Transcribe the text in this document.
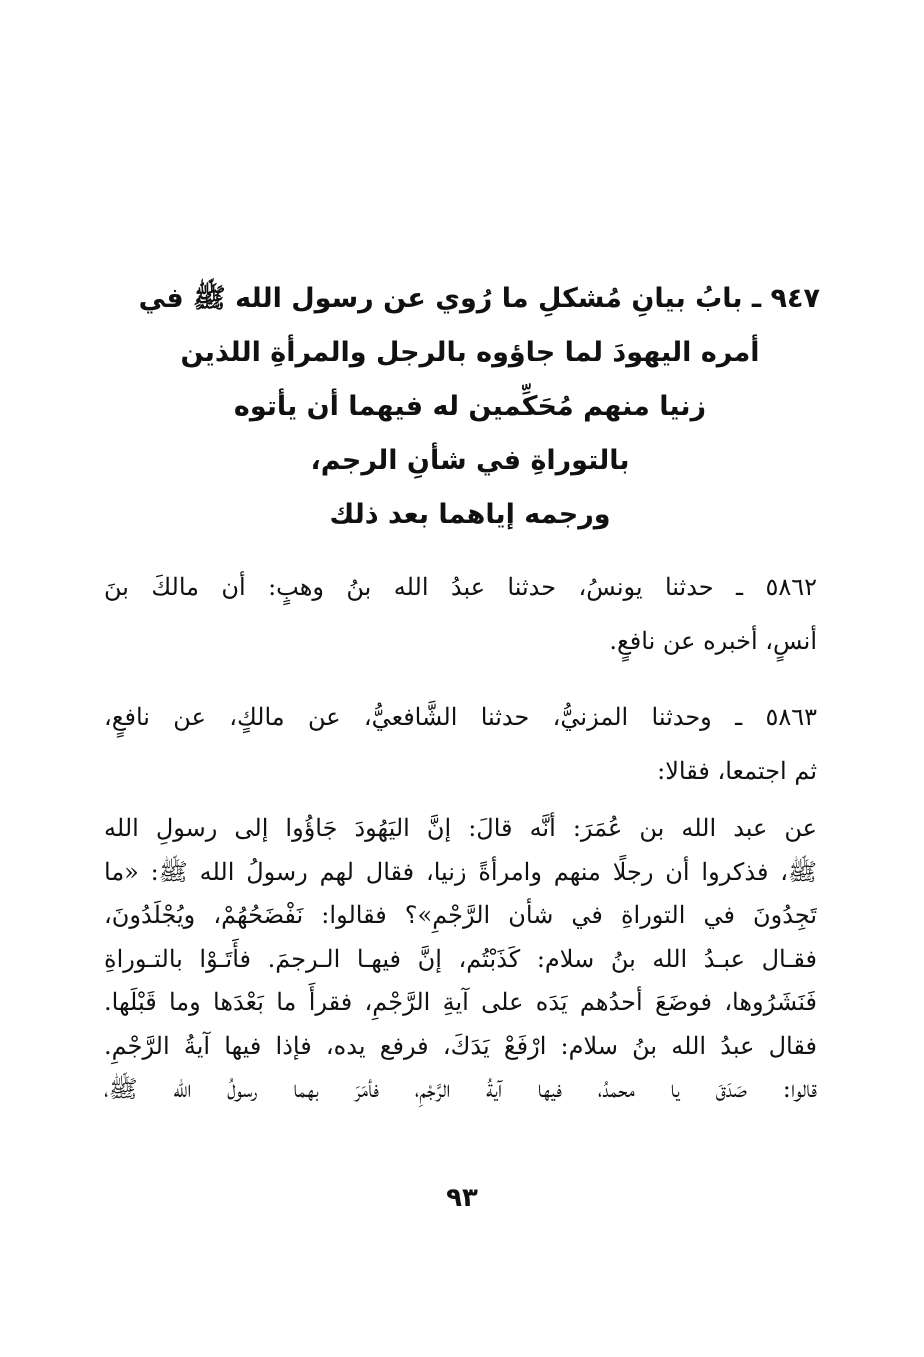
٩٤٧ ـ بابُ بيانِ مُشكلِ ما رُوي عن رسول الله ﷺ في
أمره اليهودَ لما جاؤوه بالرجل والمرأةِ اللذين
زنيا منهم مُحَكِّمين له فيهما أن يأتوه
بالتوراةِ في شأنِ الرجم،
ورجمه إياهما بعد ذلك
٥٨٦٢ ـ حدثنا يونسُ، حدثنا عبدُ الله بنُ وهبٍ: أن مالكَ بنَ
أنسٍ، أخبره عن نافعٍ.
٥٨٦٣ ـ وحدثنا المزنيُّ، حدثنا الشَّافعيُّ، عن مالكٍ، عن نافعٍ،
ثم اجتمعا، فقالا:
عن عبد الله بن عُمَرَ: أنَّه قالَ: إنَّ اليَهُودَ جَاؤُوا إلى رسولِ الله
ﷺ، فذكروا أن رجلًا منهم وامرأةً زنيا، فقال لهم رسولُ الله ﷺ: «ما
تَجِدُونَ في التوراةِ في شأن الرَّجْمِ»؟ فقالوا: نَفْضَحُهُمْ، ويُجْلَدُونَ،
فقـال عبـدُ الله بنُ سلام: كَذَبْتُم، إنَّ فيهـا الـرجمَ. فأَتَـوْا بالتـوراةِ
فَنَشَرُوها، فوضَعَ أحدُهم يَدَه على آيةِ الرَّجْمِ، فقرأَ ما بَعْدَها وما قَبْلَها.
فقال عبدُ الله بنُ سلام: ارْفَعْ يَدَكَ، فرفع يده، فإذا فيها آيةُ الرَّجْمِ.
قالوا: صَدَقَ يا محمدُ، فيها آيةُ الرَّجْمِ، فأمَرَ بهما رسولُ الله ﷺ،
٩٣
